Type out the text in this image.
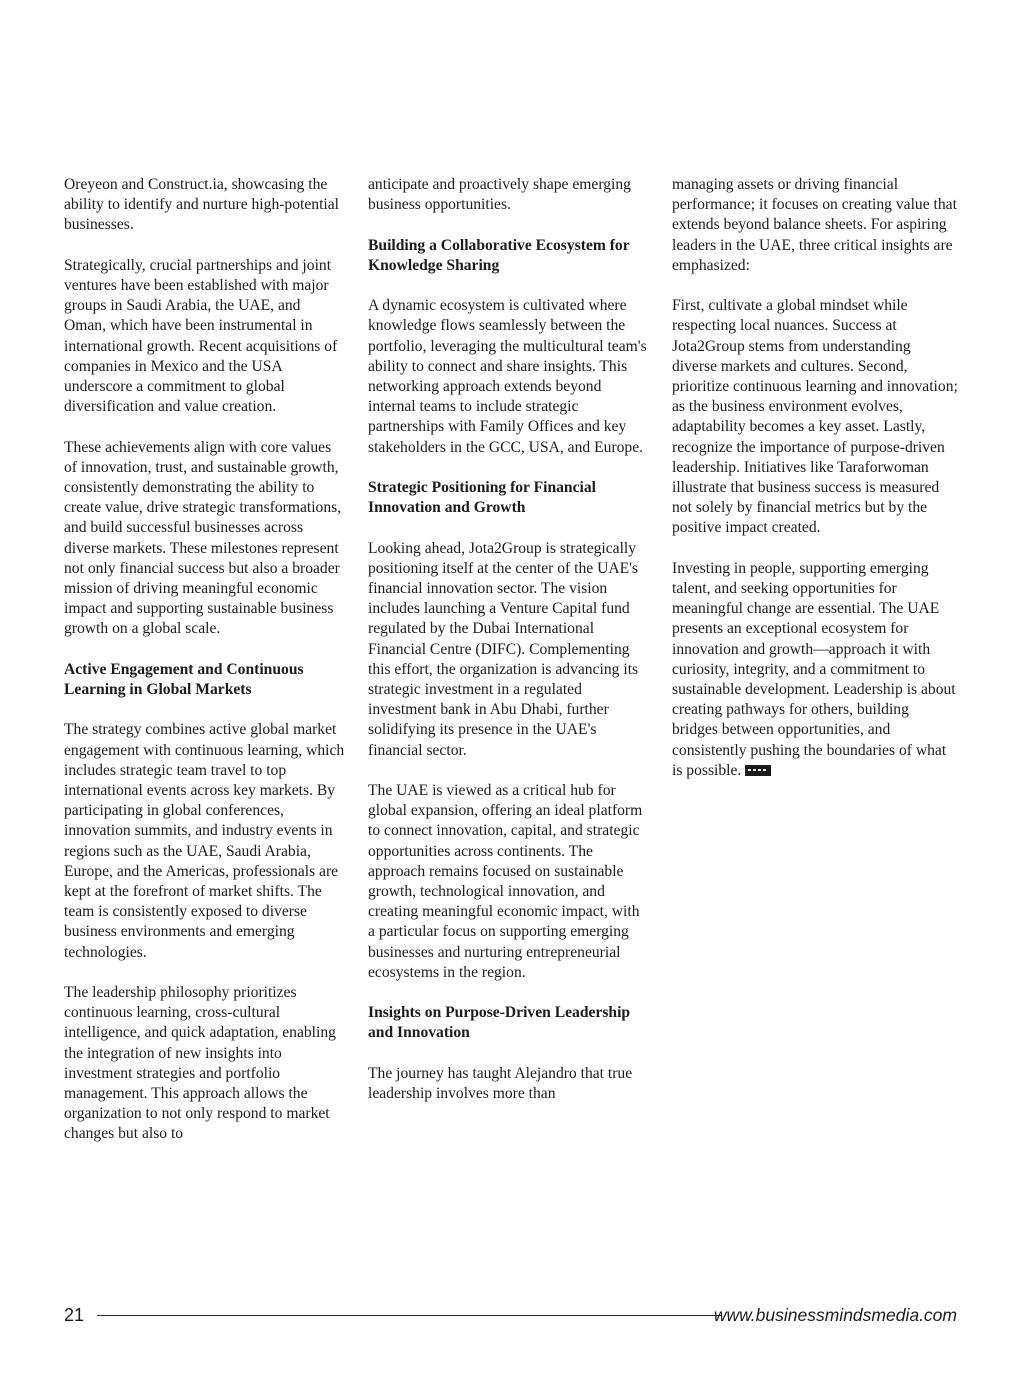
Oreyeon and Construct.ia, showcasing the ability to identify and nurture high-potential businesses.

Strategically, crucial partnerships and joint ventures have been established with major groups in Saudi Arabia, the UAE, and Oman, which have been instrumental in international growth. Recent acquisitions of companies in Mexico and the USA underscore a commitment to global diversification and value creation.

These achievements align with core values of innovation, trust, and sustainable growth, consistently demonstrating the ability to create value, drive strategic transformations, and build successful businesses across diverse markets. These milestones represent not only financial success but also a broader mission of driving meaningful economic impact and supporting sustainable business growth on a global scale.

Active Engagement and Continuous Learning in Global Markets

The strategy combines active global market engagement with continuous learning, which includes strategic team travel to top international events across key markets. By participating in global conferences, innovation summits, and industry events in regions such as the UAE, Saudi Arabia, Europe, and the Americas, professionals are kept at the forefront of market shifts. The team is consistently exposed to diverse business environments and emerging technologies.

The leadership philosophy prioritizes continuous learning, cross-cultural intelligence, and quick adaptation, enabling the integration of new insights into investment strategies and portfolio management. This approach allows the organization to not only respond to market changes but also to

anticipate and proactively shape emerging business opportunities.

Building a Collaborative Ecosystem for Knowledge Sharing

A dynamic ecosystem is cultivated where knowledge flows seamlessly between the portfolio, leveraging the multicultural team's ability to connect and share insights. This networking approach extends beyond internal teams to include strategic partnerships with Family Offices and key stakeholders in the GCC, USA, and Europe.

Strategic Positioning for Financial Innovation and Growth

Looking ahead, Jota2Group is strategically positioning itself at the center of the UAE's financial innovation sector. The vision includes launching a Venture Capital fund regulated by the Dubai International Financial Centre (DIFC). Complementing this effort, the organization is advancing its strategic investment in a regulated investment bank in Abu Dhabi, further solidifying its presence in the UAE's financial sector.

The UAE is viewed as a critical hub for global expansion, offering an ideal platform to connect innovation, capital, and strategic opportunities across continents. The approach remains focused on sustainable growth, technological innovation, and creating meaningful economic impact, with a particular focus on supporting emerging businesses and nurturing entrepreneurial ecosystems in the region.

Insights on Purpose-Driven Leadership and Innovation

The journey has taught Alejandro that true leadership involves more than

managing assets or driving financial performance; it focuses on creating value that extends beyond balance sheets. For aspiring leaders in the UAE, three critical insights are emphasized:

First, cultivate a global mindset while respecting local nuances. Success at Jota2Group stems from understanding diverse markets and cultures. Second, prioritize continuous learning and innovation; as the business environment evolves, adaptability becomes a key asset. Lastly, recognize the importance of purpose-driven leadership. Initiatives like Taraforwoman illustrate that business success is measured not solely by financial metrics but by the positive impact created.

Investing in people, supporting emerging talent, and seeking opportunities for meaningful change are essential. The UAE presents an exceptional ecosystem for innovation and growth—approach it with curiosity, integrity, and a commitment to sustainable development. Leadership is about creating pathways for others, building bridges between opportunities, and consistently pushing the boundaries of what is possible.

21	www.businessmindsmedia.com
